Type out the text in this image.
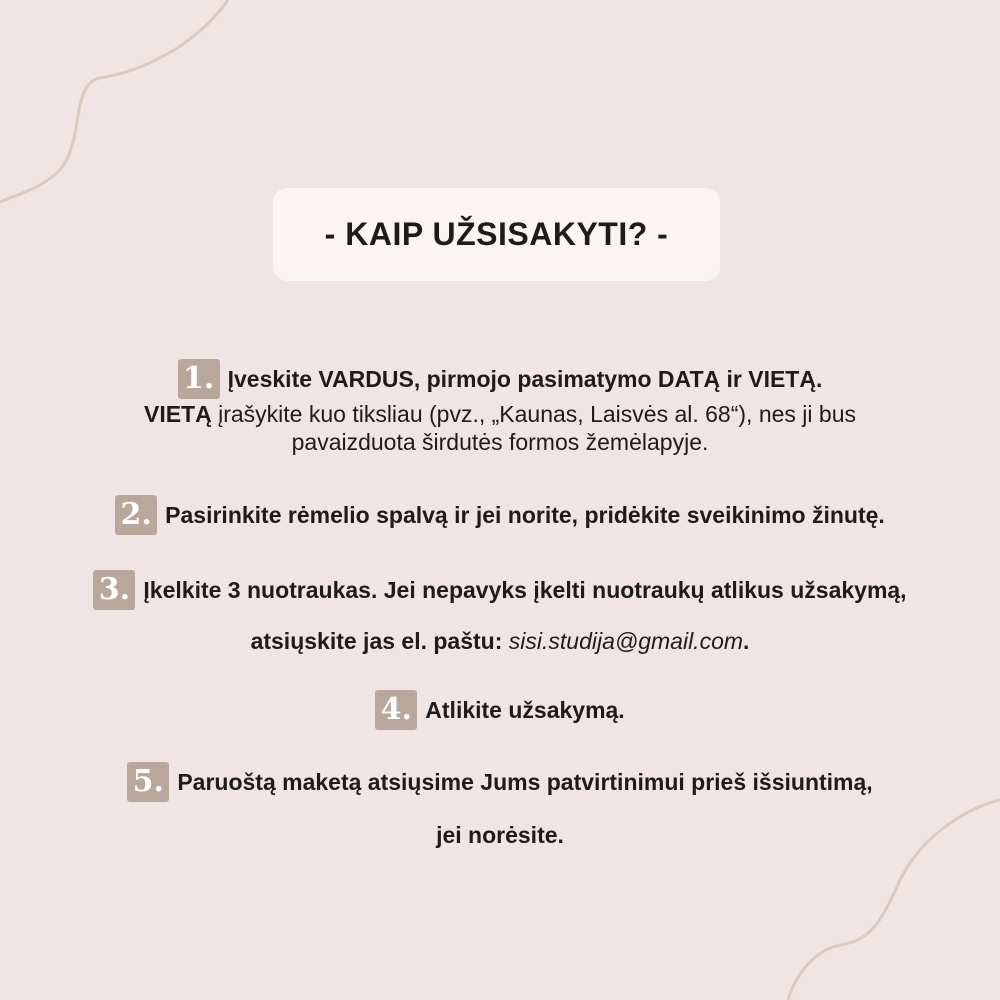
- KAIP UŽSISAKYTI? -
1. Įveskite VARDUS, pirmojo pasimatymo DATĄ ir VIETĄ.
VIETĄ įrašykite kuo tiksliau (pvz., „Kaunas, Laisvės al. 68“), nes ji bus
pavaizduota širdutės formos žemėlapyje.
2. Pasirinkite rėmelio spalvą ir jei norite, pridėkite sveikinimo žinutę.
3. Įkelkite 3 nuotraukas. Jei nepavyks įkelti nuotraukų atlikus užsakymą,
atsiųskite jas el. paštu: sisi.studija@gmail.com.
4. Atlikite užsakymą.
5. Paruoštą maketą atsiųsime Jums patvirtinimui prieš išsiuntimą,
jei norėsite.
